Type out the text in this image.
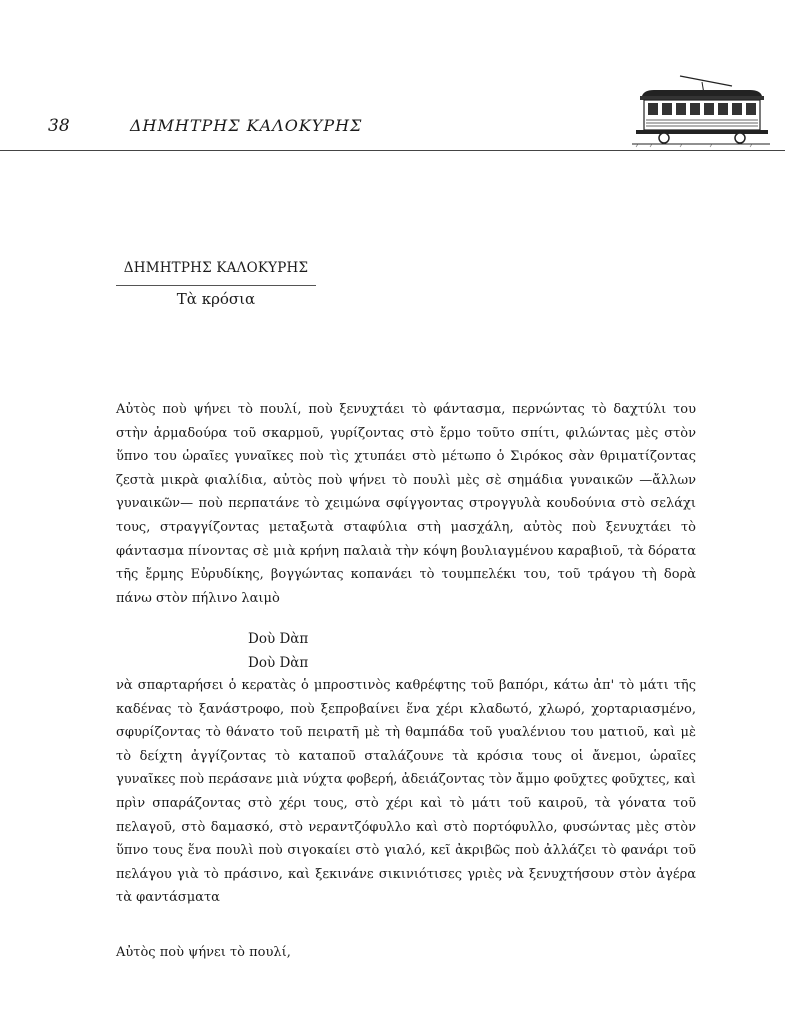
38	ΔΗΜΗΤΡΗΣ ΚΑΛΟΚΥΡΗΣ
ΔΗΜΗΤΡΗΣ ΚΑΛΟΚΥΡΗΣ
Τὰ κρόσια

Αὐτὸς ποὺ ψήνει τὸ πουλί, ποὺ ξενυχτάει τὸ φάντασμα, περνώντας τὸ δαχτύλι του στὴν ἀρμαδούρα τοῦ σκαρμοῦ, γυρίζοντας στὸ ἔρμο τοῦτο σπίτι, φιλώντας μὲς στὸν ὕπνο του ὡραῖες γυναῖκες ποὺ τὶς χτυπάει στὸ μέτωπο ὁ Σιρόκος σὰν θριματίζοντας ζεστὰ μικρὰ φιαλίδια, αὐτὸς ποὺ ψήνει τὸ πουλὶ μὲς σὲ σημάδια γυναικῶν —ἄλλων γυναικῶν— ποὺ περπατάνε τὸ χειμώνα σφίγγοντας στρογγυλὰ κουδούνια στὸ σελάχι τους, στραγγίζοντας μεταξωτὰ σταφύλια στὴ μασχάλη, αὐτὸς ποὺ ξενυχτάει τὸ φάντασμα πίνοντας σὲ μιὰ κρήνη παλαιὰ τὴν κόψη βουλιαγμένου καραβιοῦ, τὰ δόρατα τῆς ἔρμης Εὐρυδίκης, βογγώντας κοπανάει τὸ τουμπελέκι του, τοῦ τράγου τὴ δορὰ πάνω στὸν πήλινο λαιμὸ

Dοὺ Dὰπ
Dοὺ Dὰπ

νὰ σπαρταρήσει ὁ κερατὰς ὁ μπροστινὸς καθρέφτης τοῦ βαπόρι, κάτω ἀπ' τὸ μάτι τῆς καδένας τὸ ξανάστροφο, ποὺ ξεπροβαίνει ἕνα χέρι κλαδωτό, χλωρό, χορταριασμένο, σφυρίζοντας τὸ θάνατο τοῦ πειρατῆ μὲ τὴ θαμπάδα τοῦ γυαλένιου του ματιοῦ, καὶ μὲ τὸ δείχτη ἀγγίζοντας τὸ καταποῦ σταλάζουνε τὰ κρόσια τους οἱ ἄνεμοι, ὡραῖες γυναῖκες ποὺ περάσανε μιὰ νύχτα φοβερή, ἀδειάζοντας τὸν ἄμμο φοῦχτες φοῦχτες, καὶ πρὶν σπαράζοντας στὸ χέρι τους, στὸ χέρι καὶ τὸ μάτι τοῦ καιροῦ, τὰ γόνατα τοῦ πελαγοῦ, στὸ δαμασκό, στὸ νεραντζόφυλλο καὶ στὸ πορτόφυλλο, φυσώντας μὲς στὸν ὕπνο τους ἕνα πουλὶ ποὺ σιγοκαίει στὸ γιαλό, κεῖ ἀκριβῶς ποὺ ἀλλάζει τὸ φανάρι τοῦ πελάγου γιὰ τὸ πράσινο, καὶ ξεκινάνε σικινιότισες γριὲς νὰ ξενυχτήσουν στὸν ἀγέρα τὰ φαντάσματα

Αὐτὸς ποὺ ψήνει τὸ πουλί,
